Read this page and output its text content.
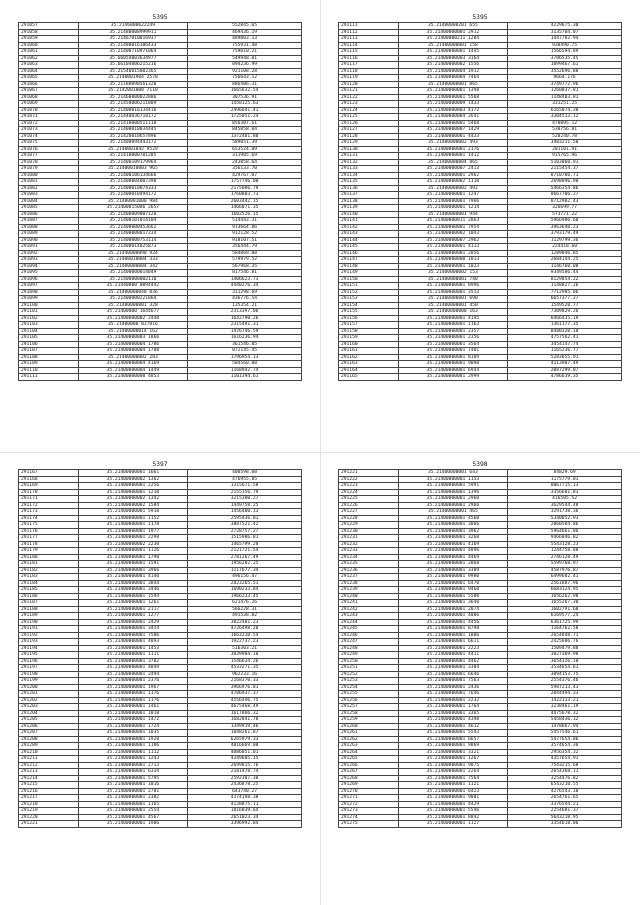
5395
291057	35.2146000622249	552845.65
291058	35.21480008999911	469436.19
291059	35.21467010816937	489003.13
291060	35.21480016106433	755931.48
291061	35.21400710971064	759010.21
291062	35.66054003634977	549948.81
291063	35.66104006215216	894236.99
291064	35.21540015002365	921108.28
291065	35.2140001904 2570	756643.12
291066	35.21180090561320	886406.31
291067	35.2142001008 7110	1665632.54
291068	35.21460000022886	307536.91
291069	35.21450006211889	1458125.63
291070	35.21400016134416	2496641.41
291071	35.21440036718172	1725051.24
291072	35.21410000511118	856307.61
291073	35.21400010034445	845058.84
291074	35.21420010657896	1372401.80
291075	35.21400094443172	589051.39
291076	35.2140001042 9529	653524.09
291077	35.21410000701285	311905.69
291078	35.21400109179964	243058.64
291079	35.21400010003 965	356133.70
291080	35.21400106134666	429767.07
291081	35.21400004007398	1757746.00
291082	35.21400010074333	2175086.79
291083	35.21400010494172	1760803.73
291084	35.21400001000 984	2603442.15
291085	35.21400015086 2657	1466071.35
291086	35.21400009007120	1602526.15
291087	35.21400101014104	514443.31
291088	35.21400000453662	913664.86
291089	35.21400000017234	912128.52
291090	35.21400000753114	918107.51
291091	35.21400014025873	356444.79
291092	35.21440000090 924	584869.08
291093	35.21400010004 333	579979.52
291094	35.21400000004 342	567968.35
291095	35.21400000014049	817546.81
291096	35.21400000002110	1406623.73
291097	35.21440000 0094442	4448276.34
291098	35.21400000040 836	311298.69
291099	35.21400000221864	436776.54
291100	35.21400000001 328	135354.21
291101	35.21400000 1644677	2313397.06
291102	35.21400000002 2448	1642790.26
291103	35.21400000 017816	2315491.31
291104	35.21400000014 162	1476746.59
291105	35.21400000003 1866	1616236.94
291106	35.21400000004 1786	361546.85
291107	35.21400000004 1788	872145.45
291108	35.21400000002 283	1796954.13
291109	35.21400000004 4169	504560.08
291110	35.21400000004 1449	1168942.74
291111	35.21400000000 4853	1101394.61
5395
291111	35.21400000201 655	4229675.30
291112	35.21400000001 2912	3135704.07
291113	35.21400000211 1284	1447782.94
291114	35.21400000001 158	930490.75
291115	35.21400000001 1445	1566594.89
291116	35.21400000003 3164	3786535.45
291117	35.21400000002 1556	1099467.61
291118	35.21400000004 1912	3552696.88
291119	35.21400000004 7464	9664.176
291120	35.21400000001 865	3749772.96
291121	35.21400000001 1398	1260837.81
291122	35.21400000001 5568	1148403.81
291123	35.21400000009 1433	331251.25
291124	35.21400000003 4172	6165074.30
291125	35.21400000004 2641	3304513.12
291126	35.21400000001 5468	470895.12
291127	35.21400000007 1429	530756.81
291128	35.21400000001 4433	520240.78
291129	35.21400000002 493	3483211.50
291130	35.21400000001 2176	201101.91
291131	35.21400000001 1412	915765.96
291132	35.21400000004 865	5103060.91
291133	35.21400000007 2413	2115454.37
291134	35.21400000001 2962	8710786.71
291135	35.21400000002 1110	2698896.90
291136	35.21400000002 492	5466354.86
291137	35.21400000001 1247	8667706.27
291138	35.21400000001 7966	8712902.43
291139	35.21400000001 1214	326699.77
291140	35.21400000001 944	573771.22
291141	35.21400000011 2863	5966986.60
291142	35.21400000001 7954	3963640.23
291143	35.21400000002 1043	3793179.49
291144	35.21400000007 2962	1129799.36
291145	35.21400000001 4113	224418.60
291146	35.21400000001 2856	1289046.85
291147	35.21400000000 1013	2684144.25
291148	35.21400000001 1023	1146760.08
291149	35.21400000002 153	9349586.44
291150	35.21400000001 740	8129854.22
291151	35.21400000001 8996	1148827.26
291152	35.21400000001 3513	7712985.06
291153	35.21400000001 690	6657377.27
291154	35.21400000001 450	1549520.77
291155	35.21400000000 163	7309829.26
291156	35.21400000001 4145	6466435.19
291157	35.21400000001 1163	1361177.35
291158	35.21400000001 2357	8480320.10
291159	35.21400000001 2356	4757562.41
291160	35.21400000001 3564	3454147.74
291161	35.21400000001 7401	1165236.77
291162	35.21400000001 8189	5283655.91
291163	35.21400000001 9098	4113907.49
291164	35.21400000001 6944	2087299.07
291165	35.21400000001 2999	4786639.35
5397
291167	35.21400000001 1661	400598.88
291168	35.21400000002 1362	476955.85
291169	35.21400000001 2256	1315671.58
291170	35.21400000001 1210	2155156.79
291171	35.21400000002 1342	3215300.27
291172	35.21400000002 1584	1449758.25
291173	35.21400000001 5910	1456400.13
291174	35.21400000001 1152	2595436.01
291175	35.21400000001 1178	3887521.42
291176	35.21400000001 1977	2728757.27
291177	35.21400000001 2298	1515986.81
291178	35.21400000002 2230	1465799.20
291179	35.21400000001 1126	2121721.54
291180	35.21400000001 1790	2781267.49
291181	35.21400000001 1591	1956202.25
291182	35.21400000001 3966	1117677.34
291183	35.21400000001 4140	496156.47
291184	35.21400000001 3844	2823265.51
291185	35.21400000001 3446	1690233.84
291186	35.21400000001 1594	1966233.45
291187	35.21400000001 1261	621476.26
291188	35.21400000001 2117	566228.31
291189	35.21400000001 1277	491538.82
291190	35.21400000001 2429	3822401.23
291191	35.21400000001 3454	4726498.20
291192	35.21400000001 7586	1663210.54
291193	35.21400000001 4893	1922737.23
291194	35.21400000001 1453	516303.21
291195	35.21400000001 1111	3839984.10
291196	35.21400000001 3782	1546634.26
291197	35.21400000001 4849	4533271.35
291198	35.21400000001 2494	962233.16
291199	35.21400000001 2376	2168370.33
291200	35.21400000001 1967	3966976.81
291201	35.21400000001 1176	4786937.37
291202	35.21400000001 1176	4556446.75
291203	35.21400000001 1461	4675468.49
291204	35.21400000001 1018	1617866.32
291205	35.21400000001 1472	1682841.78
291206	35.21400000001 1724	1349919.46
291207	35.21400000001 1035	1848261.87
291208	35.21400000001 1920	6265979.33
291209	35.21400000001 1186	4816669.08
291210	35.21400000001 1112	4086051.01
291211	35.21400000001 1243	4349605.15
291212	35.21400000001 2713	2699815.76
291213	35.21400000001 6334	2181478.74
291214	35.21400000001 5795	2592307.38
291215	35.21400000001 1016	2436878.25
291216	35.21400000001 2701	643740.27
291217	35.21400000001 2382	4374198.38
291218	35.21400000001 1165	4138875.11
291219	35.21400000001 2554	1816839.64
291220	35.21400000001 4567	2651023.34
291221	35.21400000001 1906	3396992.84
5398
291221	35.21400000001 643	84829.69
291222	35.21400000001 1153	1175779.01
291223	35.21400000001 5991	8867715.13
291224	35.21400000001 1396	3356601.83
291225	35.21400000001 2960	416505.52
291226	35.21400000001 2966	3629544.48
291227	35.21400000001 465	3291738.36
291228	35.21400000001 4560	5340052.93
291229	35.21400000001 3066	2060584.86
291230	35.21400000001 3962	5964661.06
291231	35.21400000001 3268	9466046.82
291232	35.21400000001 4169	5543128.23
291233	35.21400000001 4896	1244758.88
291234	35.21400000001 4469	2746128.49
291235	35.21400000001 2868	5599768.97
291236	35.21400000001 3389	4587976.87
291237	35.21400000001 9980	6499682.41
291238	35.21400000001 6470	2561887.96
291239	35.21400000001 9460	6683124.95
291240	35.21400000001 5580	1656262.98
291241	35.21400000001 3640	1655267.30
291242	35.21400000001 2074	1602791.60
291243	35.21400000001 4086	6169577.24
291244	35.21400000001 4456	6361725.99
291245	35.21400000001 8798	1164762.58
291246	35.21400000001 1886	2654848.71
291247	35.21400000001 6611	2425686.76
291248	35.21400000001 2223	1509479.88
291249	35.21400000001 4411	3827369.98
291250	35.21400000001 4462	3654326.10
291251	35.21400000001 3384	3534654.61
291252	35.21400000001 6646	3094153.75
291253	35.21400000001 7563	2554376.46
291254	35.21400000001 2436	5987213.43
291255	35.21400000001 7646	2044494.33
291256	35.21400000001 2232	1422113.21
291257	35.21400000001 1764	3238461.19
291258	35.21400000001 3365	4475678.32
291259	35.21400000001 4398	5458436.12
291260	35.21400000001 4612	1478667.94
291261	35.21400000001 5543	5457546.61
291262	35.21400000001 6657	5477654.06
291263	35.21400000001 9869	3574654.36
291264	35.21400000001 3321	2956354.32
291265	35.21400000001 1267	4357654.91
291266	35.21400000001 9875	7543215.68
291267	35.21400000001 2264	2654368.11
291268	35.21400000001 7564	3254476.82
291269	35.21400000001 1121	6543210.55
291270	35.21400000001 6423	4276543.10
291271	35.21400000001 9081	2654761.65
291272	35.21400000001 4429	3376544.21
291273	35.21400000001 5546	2254681.37
291274	35.21400000001 8842	5643218.95
291275	35.21400000001 1127	3354618.06
